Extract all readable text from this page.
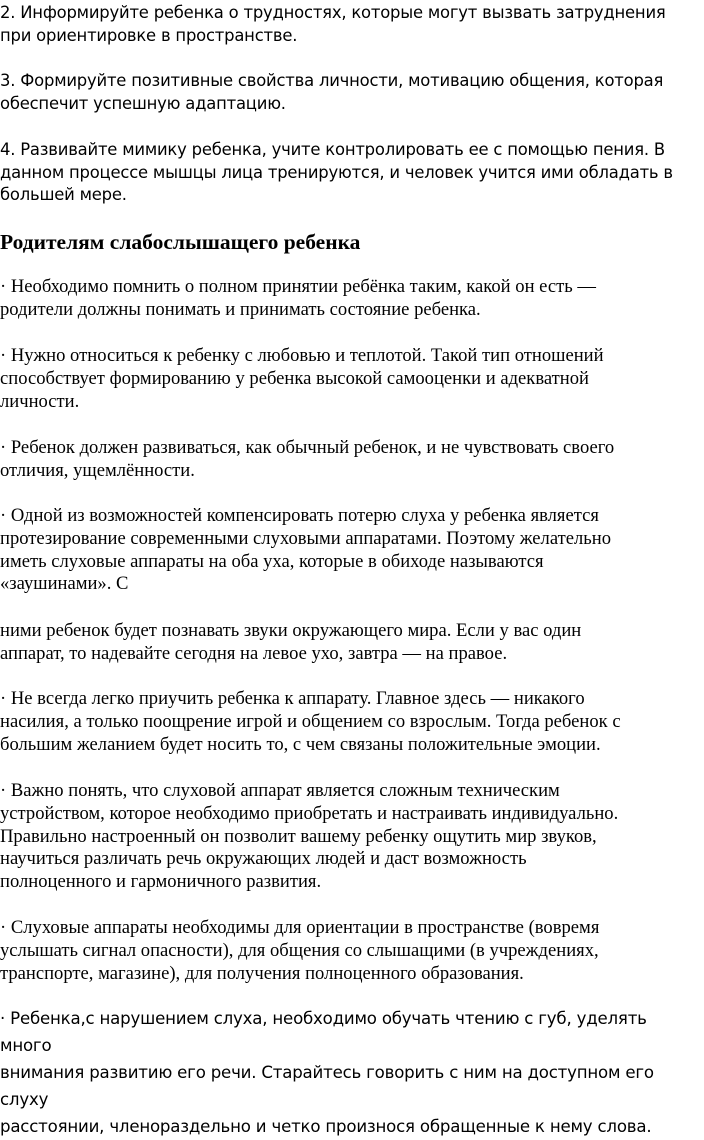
2. Информируйте ребенка о трудностях, которые могут вызвать затруднения
при ориентировке в пространстве.

3. Формируйте позитивные свойства личности, мотивацию общения, которая
обеспечит успешную адаптацию.

4. Развивайте мимику ребенка, учите контролировать ее с помощью пения. В
данном процессе мышцы лица тренируются, и человек учится ими обладать в
большей мере.

Родителям слабослышащего ребенка

· Необходимо помнить о полном принятии ребёнка таким, какой он есть —
родители должны понимать и принимать состояние ребенка.

· Нужно относиться к ребенку с любовью и теплотой. Такой тип отношений
способствует формированию у ребенка высокой самооценки и адекватной
личности.

· Ребенок должен развиваться, как обычный ребенок, и не чувствовать своего
отличия, ущемлённости.

· Одной из возможностей компенсировать потерю слуха у ребенка является
протезирование современными слуховыми аппаратами. Поэтому желательно
иметь слуховые аппараты на оба уха, которые в обиходе называются
«заушинами». С

ними ребенок будет познавать звуки окружающего мира. Если у вас один
аппарат, то надевайте сегодня на левое ухо, завтра — на правое.

· Не всегда легко приучить ребенка к аппарату. Главное здесь — никакого
насилия, а только поощрение игрой и общением со взрослым. Тогда ребенок с
большим желанием будет носить то, с чем связаны положительные эмоции.

· Важно понять, что слуховой аппарат является сложным техническим
устройством, которое необходимо приобретать и настраивать индивидуально.
Правильно настроенный он позволит вашему ребенку ощутить мир звуков,
научиться различать речь окружающих людей и даст возможность
полноценного и гармоничного развития.

· Слуховые аппараты необходимы для ориентации в пространстве (вовремя
услышать сигнал опасности), для общения со слышащими (в учреждениях,
транспорте, магазине), для получения полноценного образования.

· Ребенка,с нарушением слуха, необходимо обучать чтению с губ, уделять много
внимания развитию его речи. Старайтесь говорить с ним на доступном его слуху
расстоянии, членораздельно и четко произнося обращенные к нему слова.
